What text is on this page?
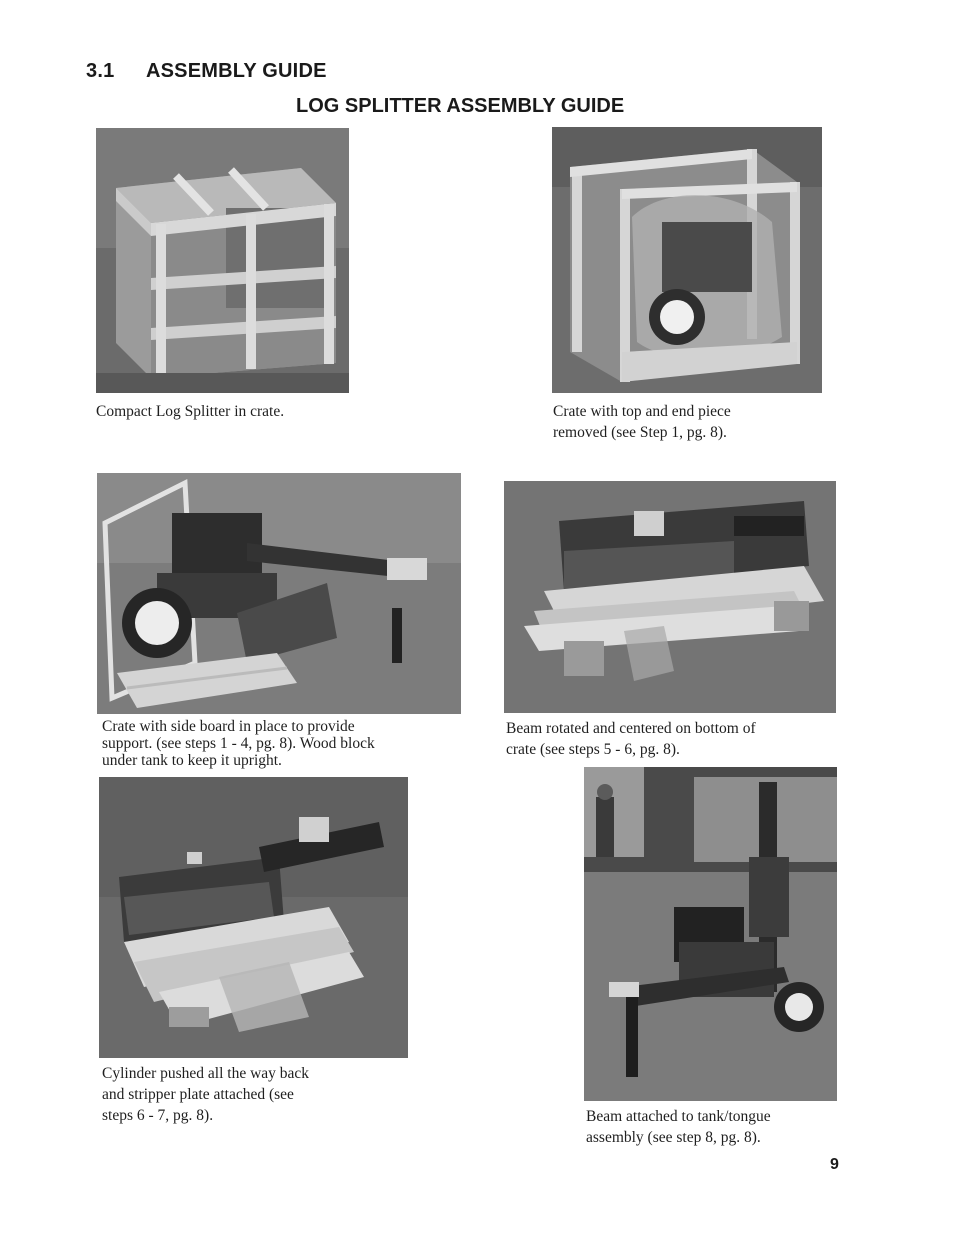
3.1 ASSEMBLY GUIDE
LOG SPLITTER ASSEMBLY GUIDE
Compact Log Splitter in crate.	Crate with top and end piece
removed (see Step 1, pg. 8).
Crate with side board in place to provide
support. (see steps 1 - 4, pg. 8). Wood block
under tank to keep it upright.
Beam rotated and centered on bottom of
crate (see steps 5 - 6, pg. 8).
Cylinder pushed all the way back
and stripper plate attached (see
steps 6 - 7, pg. 8).	Beam attached to tank/tongue
assembly (see step 8, pg. 8).
9
